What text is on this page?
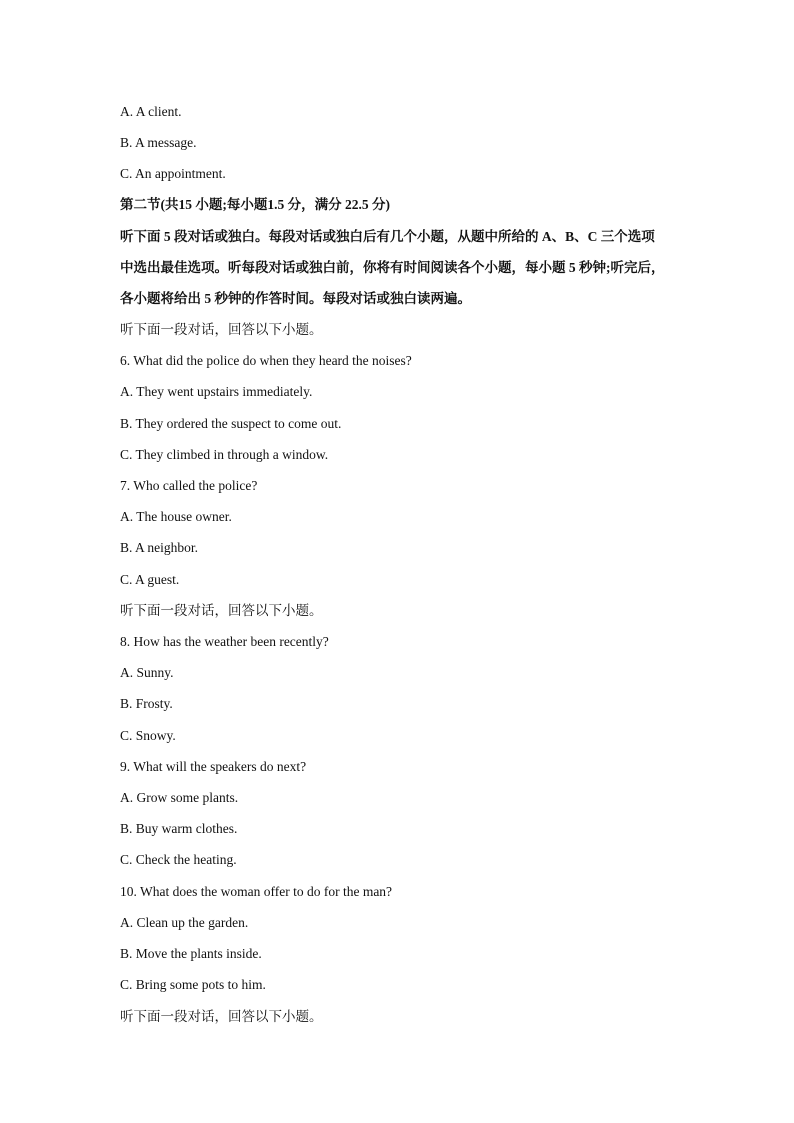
A. A client.
B. A message.
C. An appointment.
第二节(共15 小题;每小题1.5 分，满分 22.5 分)
听下面 5 段对话或独白。每段对话或独白后有几个小题，从题中所给的 A、B、C 三个选项
中选出最佳选项。听每段对话或独白前，你将有时间阅读各个小题，每小题 5 秒钟;听完后，
各小题将给出 5 秒钟的作答时间。每段对话或独白读两遍。
听下面一段对话，回答以下小题。
6. What did the police do when they heard the noises?
A. They went upstairs immediately.
B. They ordered the suspect to come out.
C. They climbed in through a window.
7. Who called the police?
A. The house owner.
B. A neighbor.
C. A guest.
听下面一段对话，回答以下小题。
8. How has the weather been recently?
A. Sunny.
B. Frosty.
C. Snowy.
9. What will the speakers do next?
A. Grow some plants.
B. Buy warm clothes.
C. Check the heating.
10. What does the woman offer to do for the man?
A. Clean up the garden.
B. Move the plants inside.
C. Bring some pots to him.
听下面一段对话，回答以下小题。
